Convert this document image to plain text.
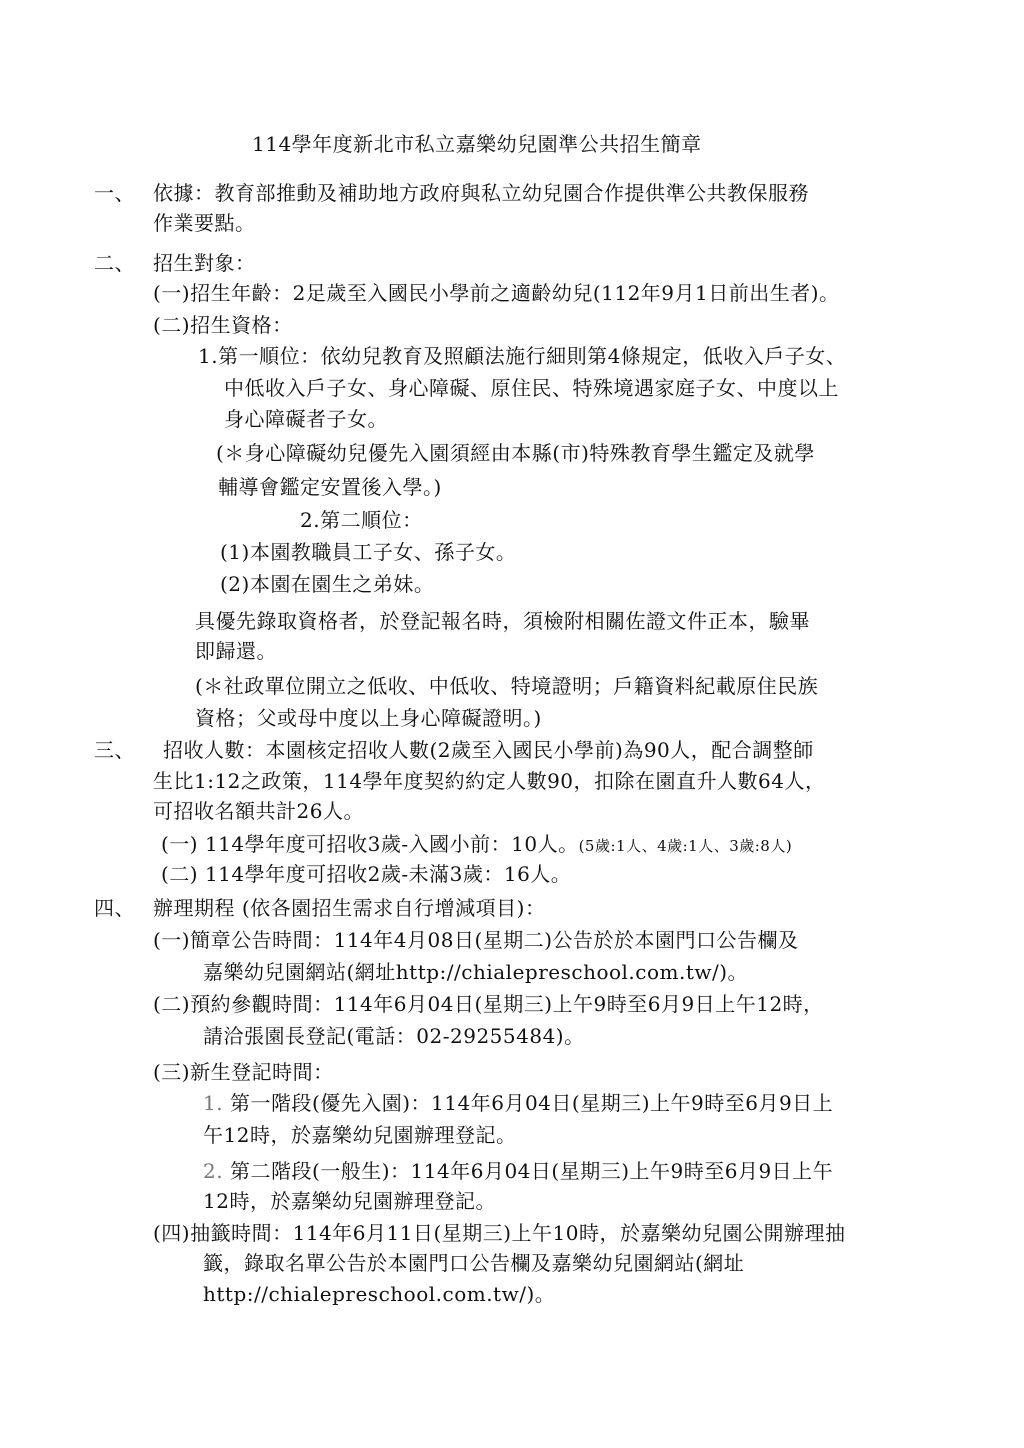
114學年度新北市私立嘉樂幼兒園準公共招生簡章
一、 依據：教育部推動及補助地方政府與私立幼兒園合作提供準公共教保服務
作業要點。
二、 招生對象：
(一)招生年齡：2足歲至入國民小學前之適齡幼兒(112年9月1日前出生者)。
(二)招生資格：
1.第一順位：依幼兒教育及照顧法施行細則第4條規定，低收入戶子女、
中低收入戶子女、身心障礙、原住民、特殊境遇家庭子女、中度以上
身心障礙者子女。
(＊身心障礙幼兒優先入園須經由本縣(市)特殊教育學生鑑定及就學
輔導會鑑定安置後入學。)
2.第二順位：
(1)本園教職員工子女、孫子女。
(2)本園在園生之弟妹。
具優先錄取資格者，於登記報名時，須檢附相關佐證文件正本，驗畢
即歸還。
(＊社政單位開立之低收、中低收、特境證明；戶籍資料紀載原住民族
資格；父或母中度以上身心障礙證明。)
三、 招收人數：本園核定招收人數(2歲至入國民小學前)為90人，配合調整師
生比1:12之政策，114學年度契約約定人數90，扣除在園直升人數64人，
可招收名額共計26人。
(一) 114學年度可招收3歲-入國小前：10人。(5歲:1人、4歲:1人、3歲:8人)
(二) 114學年度可招收2歲-未滿3歲：16人。
四、 辦理期程 (依各園招生需求自行增減項目)：
(一)簡章公告時間：114年4月08日(星期二)公告於於本園門口公告欄及
嘉樂幼兒園網站(網址http://chialepreschool.com.tw/)。
(二)預約參觀時間：114年6月04日(星期三)上午9時至6月9日上午12時，
請洽張園長登記(電話：02-29255484)。
(三)新生登記時間：
1. 第一階段(優先入園)：114年6月04日(星期三)上午9時至6月9日上
午12時，於嘉樂幼兒園辦理登記。
2. 第二階段(一般生)：114年6月04日(星期三)上午9時至6月9日上午
12時，於嘉樂幼兒園辦理登記。
(四)抽籤時間：114年6月11日(星期三)上午10時，於嘉樂幼兒園公開辦理抽
籤，錄取名單公告於本園門口公告欄及嘉樂幼兒園網站(網址
http://chialepreschool.com.tw/)。
